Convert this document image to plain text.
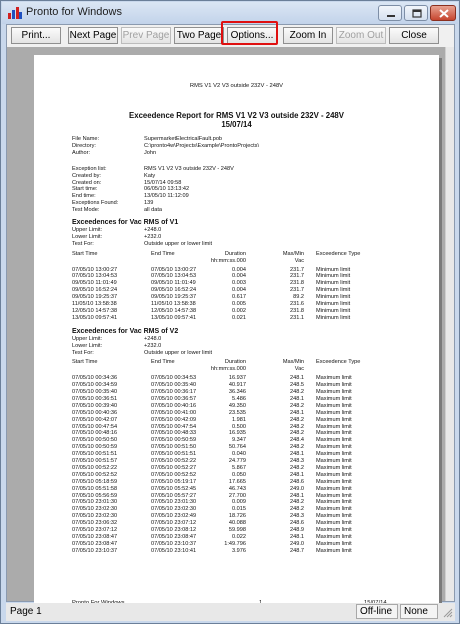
Pronto for Windows
Print...	Next Page Prev Page Two Page Options...	Zoom In	Zoom Out	Close
RMS V1 V2 V3 outside 232V - 248V
Exceedence Report for RMS V1 V2 V3 outside 232V - 248V
15/07/14
File Name:	SupermarketElectricalFault.pob
Directory:	C:\pronto4w\Projects\Example\ProntoProjects\
Author:	John
Exception list:	RMS V1 V2 V3 outside 232V - 248V
Created by:	Katy
Created on:	15/07/14 09:58
Start time:	06/05/10 13:13:42
End time:	13/05/10 11:12:09
Exceptions Found:	139
Test Mode:	all data
Exceedences for Vac RMS of V1
Upper Limit:	+248.0
Lower Limit:	+232.0
Test For:	Outside upper or lower limit
Start Time	End Time	Duration	Max/Min Exceedence Type
hh:mm:ss.000	Vac
07/05/10 13:00:27	07/05/10 13:00:27	0.004	231.7 Minimum limit
07/05/10 13:04:53	07/05/10 13:04:53	0.004	231.7 Minimum limit
09/05/10 11:01:49	09/05/10 11:01:49	0.003	231.8 Minimum limit
09/05/10 16:52:24	09/05/10 16:52:24	0.004	231.7 Minimum limit
09/05/10 19:25:37	09/05/10 19:25:37	0.617	89.2 Minimum limit
11/05/10 13:58:38	11/05/10 13:58:38	0.005	231.6 Minimum limit
12/05/10 14:57:38	12/05/10 14:57:38	0.002	231.8 Minimum limit
13/05/10 09:57:41	13/05/10 09:57:41	0.021	231.1 Minimum limit
Exceedences for Vac RMS of V2
Upper Limit:	+248.0
Lower Limit:	+232.0
Test For:	Outside upper or lower limit
Start Time	End Time	Duration	Max/Min Exceedence Type
hh:mm:ss.000	Vac
07/05/10 00:34:36	07/05/10 00:34:53	16.937	248.1 Maximum limit
07/05/10 00:34:59	07/05/10 00:35:40	40.917	248.5 Maximum limit
07/05/10 00:35:40	07/05/10 00:36:17	36.346	248.2 Maximum limit
07/05/10 00:36:51	07/05/10 00:36:57	5.486	248.1 Maximum limit
07/05/10 00:39:40	07/05/10 00:40:16	49.350	248.2 Maximum limit
07/05/10 00:40:36	07/05/10 00:41:00	23.535	248.1 Maximum limit
07/05/10 00:42:07	07/05/10 00:42:09	1.981	248.2 Maximum limit
07/05/10 00:47:54	07/05/10 00:47:54	0.500	248.2 Maximum limit
07/05/10 00:48:16	07/05/10 00:48:33	16.935	248.2 Maximum limit
07/05/10 00:50:50	07/05/10 00:50:59	9.347	248.4 Maximum limit
07/05/10 00:50:59	07/05/10 00:51:50	50.764	248.2 Maximum limit
07/05/10 00:51:51	07/05/10 00:51:51	0.040	248.1 Maximum limit
07/05/10 00:51:57	07/05/10 00:52:22	24.779	248.3 Maximum limit
07/05/10 00:52:22	07/05/10 00:52:27	5.867	248.2 Maximum limit
07/05/10 00:52:52	07/05/10 00:52:52	0.050	248.1 Maximum limit
07/05/10 05:18:59	07/05/10 05:19:17	17.665	248.6 Maximum limit
07/05/10 05:51:58	07/05/10 05:52:45	46.743	249.0 Maximum limit
07/05/10 05:56:59	07/05/10 05:57:27	27.700	248.1 Maximum limit
07/05/10 23:01:30	07/05/10 23:01:30	0.009	248.2 Maximum limit
07/05/10 23:02:30	07/05/10 23:02:30	0.015	248.2 Maximum limit
07/05/10 23:02:30	07/05/10 23:02:49	18.726	248.3 Maximum limit
07/05/10 23:06:32	07/05/10 23:07:12	40.088	248.6 Maximum limit
07/05/10 23:07:12	07/05/10 23:08:12	59.998	248.9 Maximum limit
07/05/10 23:08:47	07/05/10 23:08:47	0.022	248.1 Maximum limit
07/05/10 23:08:47	07/05/10 23:10:37	1:49.796	249.0 Maximum limit
07/05/10 23:10:37	07/05/10 23:10:41	3.976	248.7 Maximum limit
Page 1	Off-line	None
